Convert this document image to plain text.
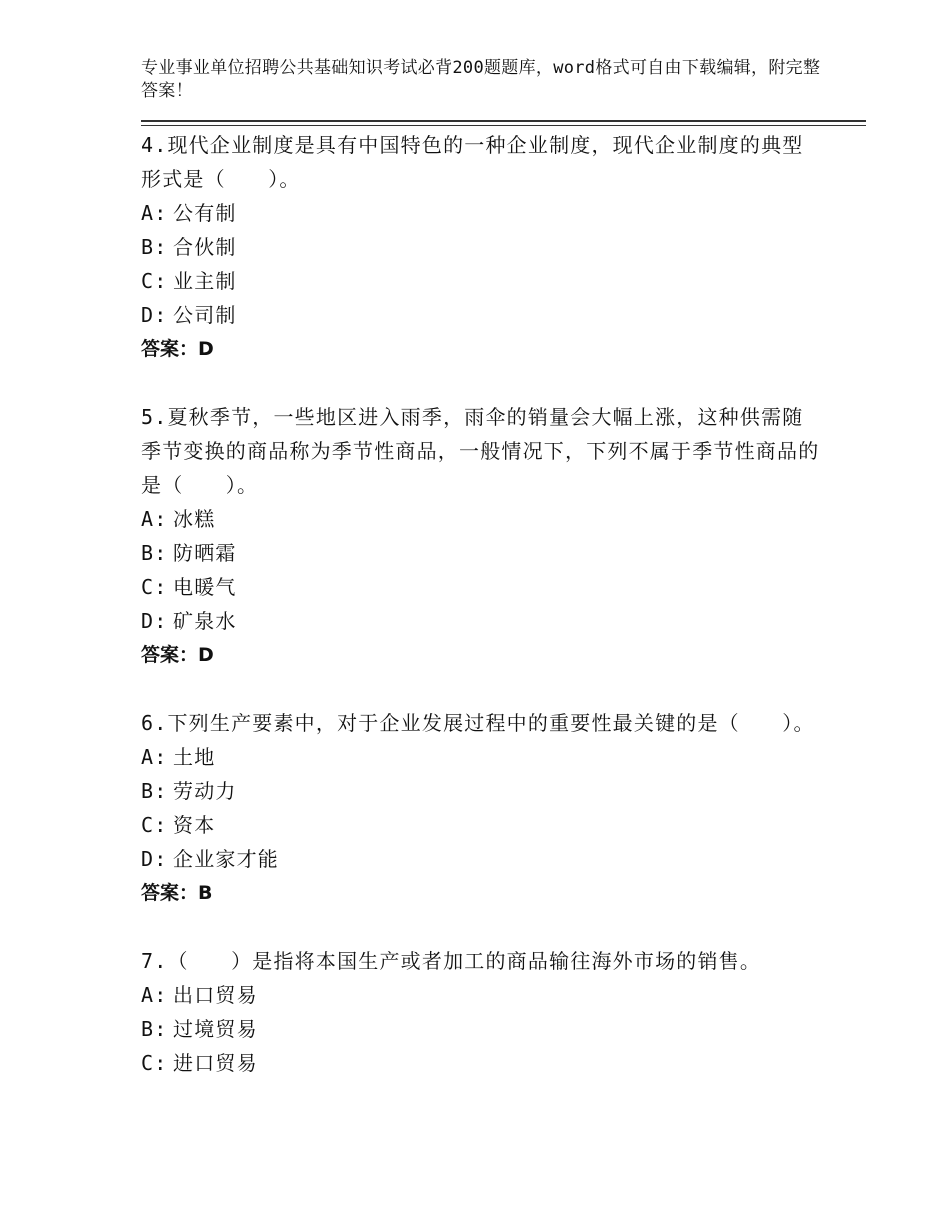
专业事业单位招聘公共基础知识考试必背200题题库，word格式可自由下载编辑，附完整答案！

4.现代企业制度是具有中国特色的一种企业制度，现代企业制度的典型形式是（　　）。

A: 公有制

B: 合伙制

C: 业主制

D: 公司制

答案：D

5.夏秋季节，一些地区进入雨季，雨伞的销量会大幅上涨，这种供需随季节变换的商品称为季节性商品，一般情况下，下列不属于季节性商品的是（　　）。

A: 冰糕

B: 防晒霜

C: 电暖气

D: 矿泉水

答案：D

6.下列生产要素中，对于企业发展过程中的重要性最关键的是（　　）。

A: 土地

B: 劳动力

C: 资本

D: 企业家才能

答案：B

7.（　　）是指将本国生产或者加工的商品输往海外市场的销售。

A: 出口贸易

B: 过境贸易

C: 进口贸易
